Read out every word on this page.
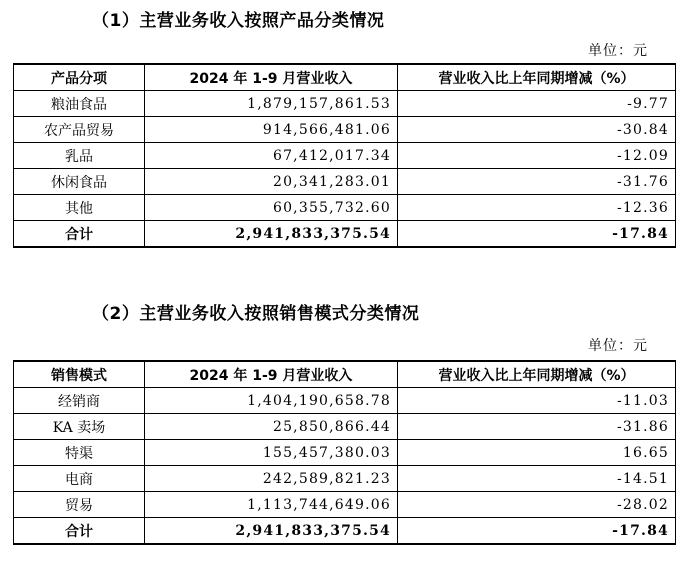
（1）主营业务收入按照产品分类情况
单位：元
产品分项	2024 年 1-9 月营业收入	营业收入比上年同期增减（%）
粮油食品	1,879,157,861.53	-9.77
农产品贸易	914,566,481.06	-30.84
乳品	67,412,017.34	-12.09
休闲食品	20,341,283.01	-31.76
其他	60,355,732.60	-12.36
合计	2,941,833,375.54	-17.84
（2）主营业务收入按照销售模式分类情况
单位：元
销售模式	2024 年 1-9 月营业收入	营业收入比上年同期增减（%）
经销商	1,404,190,658.78	-11.03
KA 卖场	25,850,866.44	-31.86
特渠	155,457,380.03	16.65
电商	242,589,821.23	-14.51
贸易	1,113,744,649.06	-28.02
合计	2,941,833,375.54	-17.84
